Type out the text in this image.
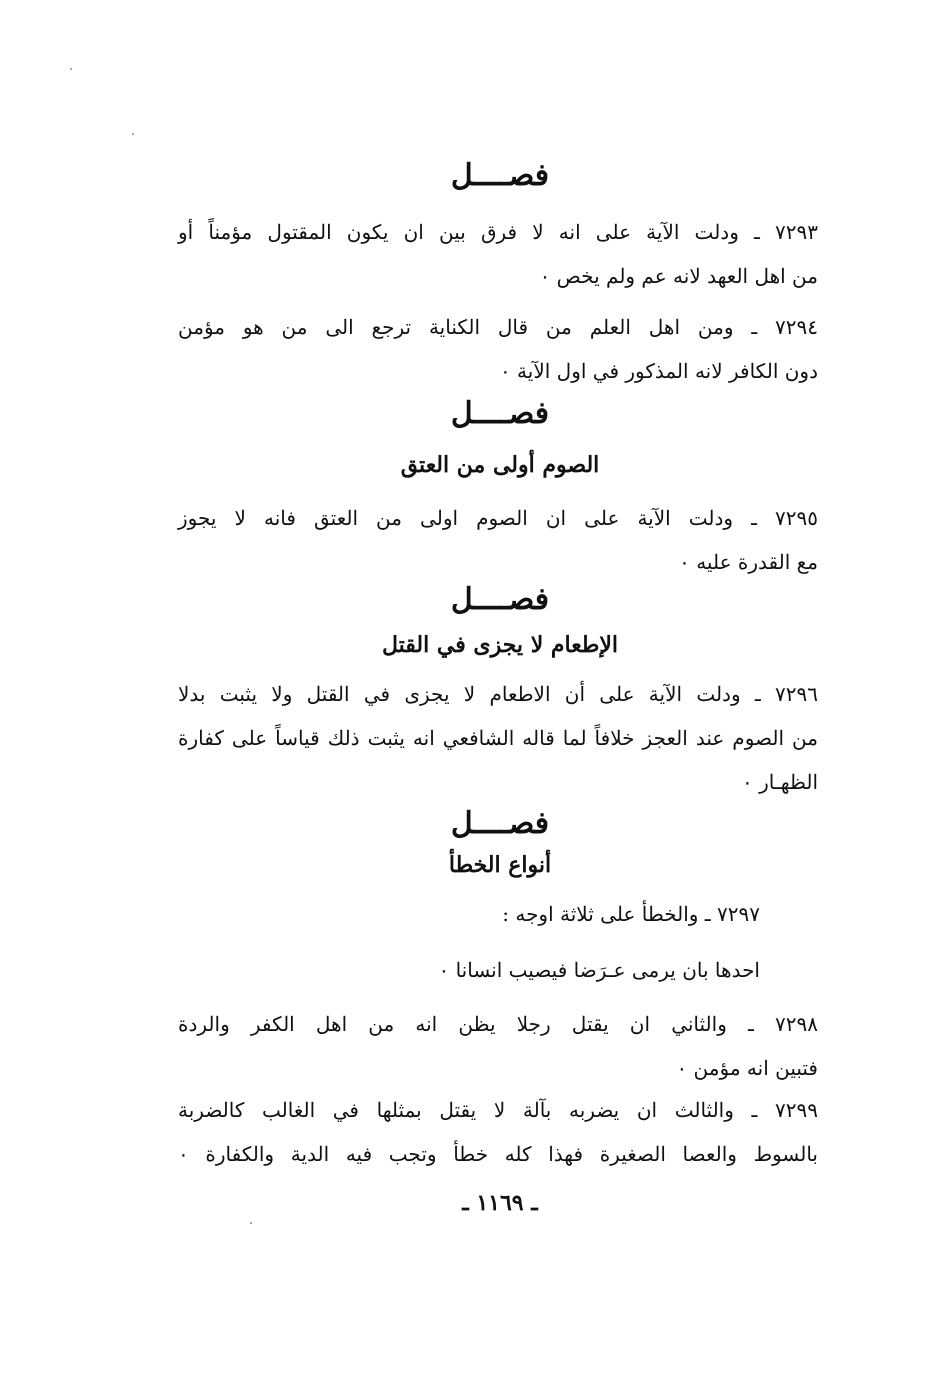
فصــــل
٧٢٩٣ ـ ودلت الآية على انه لا فرق بين ان يكون المقتول مؤمناً أو
من اهل العهد لانه عم ولم يخص ٠
٧٢٩٤ ـ ومن اهل العلم من قال الكناية ترجع الى من هو مؤمن
دون الكافر لانه المذكور في اول الآية ٠
فصــــل
الصوم أولى من العتق
٧٢٩٥ ـ ودلت الآية على ان الصوم اولى من العتق فانه لا يجوز
مع القدرة عليه ٠
فصــــل
الإطعام لا يجزى في القتل
٧٢٩٦ ـ ودلت الآية على أن الاطعام لا يجزى في القتل ولا يثبت بدلا
من الصوم عند العجز خلافاً لما قاله الشافعي انه يثبت ذلك قياساً على كفارة
الظهـار ٠
فصــــل
أنواع الخطأ
٧٢٩٧ ـ والخطأ على ثلاثة اوجه :
احدها بان يرمى عـرَضا فيصيب انسانا ٠
٧٢٩٨ ـ والثاني ان يقتل رجلا يظن انه من اهل الكفر والردة
فتبين انه مؤمن ٠
٧٢٩٩ ـ والثالث ان يضربه بآلة لا يقتل بمثلها في الغالب كالضربة
بالسوط والعصا الصغيرة فهذا كله خطأ وتجب فيه الدية والكفارة ٠
ـ ١١٦٩ ـ
